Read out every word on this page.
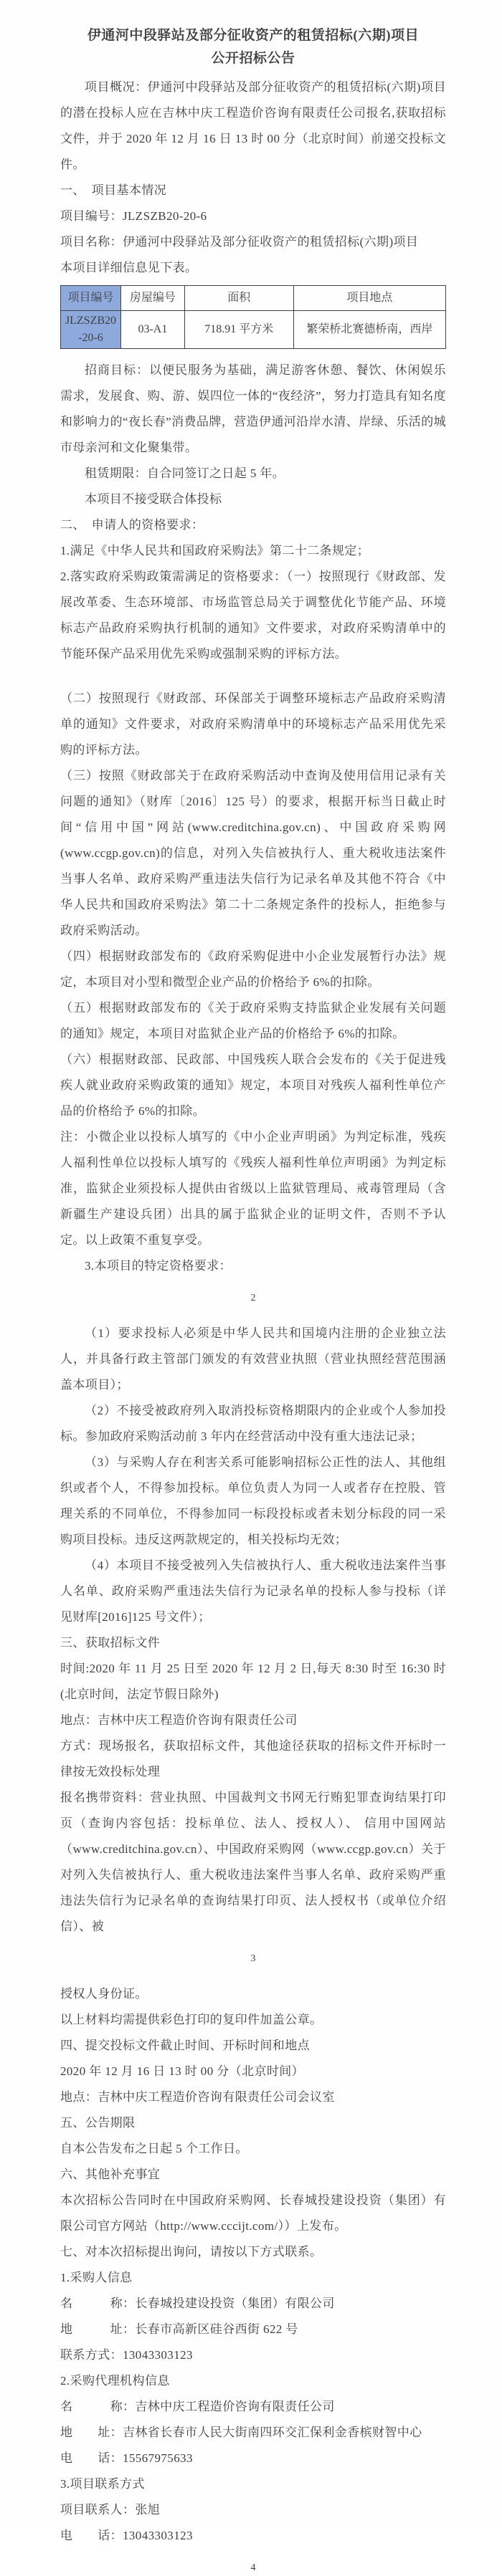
伊通河中段驿站及部分征收资产的租赁招标(六期)项目
公开招标公告

项目概况：伊通河中段驿站及部分征收资产的租赁招标(六期)项目的潜在投标人应在吉林中庆工程造价咨询有限责任公司报名,获取招标文件，并于 2020 年 12 月 16 日 13 时 00 分（北京时间）前递交投标文件。

一、　项目基本情况

项目编号：JLZSZB20-20-6

项目名称：伊通河中段驿站及部分征收资产的租赁招标(六期)项目

本项目详细信息见下表。

项目编号	房屋编号	面积	项目地点
JLZSZB20-20-6	03-A1	718.91 平方米	繁荣桥北赛德桥南，西岸

招商目标：以便民服务为基础，满足游客休憩、餐饮、休闲娱乐需求，发展食、购、游、娱四位一体的“夜经济”，努力打造具有知名度和影响力的“夜长春”消费品牌，营造伊通河沿岸水清、岸绿、乐活的城市母亲河和文化聚集带。

租赁期限：自合同签订之日起 5 年。

本项目不接受联合体投标

二、　申请人的资格要求：

1.满足《中华人民共和国政府采购法》第二十二条规定；

2.落实政府采购政策需满足的资格要求：（一）按照现行《财政部、发展改革委、生态环境部、市场监管总局关于调整优化节能产品、环境标志产品政府采购执行机制的通知》文件要求，对政府采购清单中的节能环保产品采用优先采购或强制采购的评标方法。

（二）按照现行《财政部、环保部关于调整环境标志产品政府采购清单的通知》文件要求，对政府采购清单中的环境标志产品采用优先采购的评标方法。

（三）按照《财政部关于在政府采购活动中查询及使用信用记录有关问题的通知》（财库〔2016〕125 号）的要求，根据开标当日截止时间“信用中国”网站(www.creditchina.gov.cn)、中国政府采购网(www.ccgp.gov.cn)的信息，对列入失信被执行人、重大税收违法案件当事人名单、政府采购严重违法失信行为记录名单及其他不符合《中华人民共和国政府采购法》第二十二条规定条件的投标人，拒绝参与政府采购活动。

（四）根据财政部发布的《政府采购促进中小企业发展暂行办法》规定，本项目对小型和微型企业产品的价格给予 6%的扣除。

（五）根据财政部发布的《关于政府采购支持监狱企业发展有关问题的通知》规定，本项目对监狱企业产品的价格给予 6%的扣除。

（六）根据财政部、民政部、中国残疾人联合会发布的《关于促进残疾人就业政府采购政策的通知》规定，本项目对残疾人福利性单位产品的价格给予 6%的扣除。

注：小微企业以投标人填写的《中小企业声明函》为判定标准，残疾人福利性单位以投标人填写的《残疾人福利性单位声明函》为判定标准，监狱企业须投标人提供由省级以上监狱管理局、戒毒管理局（含新疆生产建设兵团）出具的属于监狱企业的证明文件，否则不予认定。以上政策不重复享受。

3.本项目的特定资格要求：

2

（1）要求投标人必须是中华人民共和国境内注册的企业独立法人，并具备行政主管部门颁发的有效营业执照（营业执照经营范围涵盖本项目）；

（2）不接受被政府列入取消投标资格期限内的企业或个人参加投标。参加政府采购活动前 3 年内在经营活动中没有重大违法记录；

（3）与采购人存在利害关系可能影响招标公正性的法人、其他组织或者个人，不得参加投标。单位负责人为同一人或者存在控股、管理关系的不同单位，不得参加同一标段投标或者未划分标段的同一采购项目投标。违反这两款规定的，相关投标均无效；

（4）本项目不接受被列入失信被执行人、重大税收违法案件当事人名单、政府采购严重违法失信行为记录名单的投标人参与投标（详见财库[2016]125 号文件）；

三、获取招标文件

时间:2020 年 11 月 25 日至 2020 年 12 月 2 日,每天 8:30 时至 16:30 时(北京时间，法定节假日除外)

地点：吉林中庆工程造价咨询有限责任公司

方式：现场报名，获取招标文件，其他途径获取的招标文件开标时一律按无效投标处理

报名携带资料：营业执照、中国裁判文书网无行贿犯罪查询结果打印页（查询内容包括：投标单位、法人、授权人）、 信用中国网站（www.creditchina.gov.cn）、中国政府采购网（www.ccgp.gov.cn）关于对列入失信被执行人、重大税收违法案件当事人名单、政府采购严重违法失信行为记录名单的查询结果打印页、法人授权书（或单位介绍信）、被

3

授权人身份证。

以上材料均需提供彩色打印的复印件加盖公章。

四、提交投标文件截止时间、开标时间和地点

2020 年 12 月 16 日 13 时 00 分（北京时间）

地点：吉林中庆工程造价咨询有限责任公司会议室

五、公告期限

自本公告发布之日起 5 个工作日。

六、其他补充事宜

本次招标公告同时在中国政府采购网、长春城投建设投资（集团）有限公司官方网站（http://www.cccijt.com/））上发布。

七、对本次招标提出询问，请按以下方式联系。

1.采购人信息

名　　　称：长春城投建设投资（集团）有限公司

地　　　址：长春市高新区硅谷西街 622 号

联系方式：13043303123

2.采购代理机构信息

名　　　称：吉林中庆工程造价咨询有限责任公司

地　　址：吉林省长春市人民大街南四环交汇保利金香槟财智中心

电　　话：15567975633

3.项目联系方式

项目联系人：张旭

电　　话：13043303123

4
